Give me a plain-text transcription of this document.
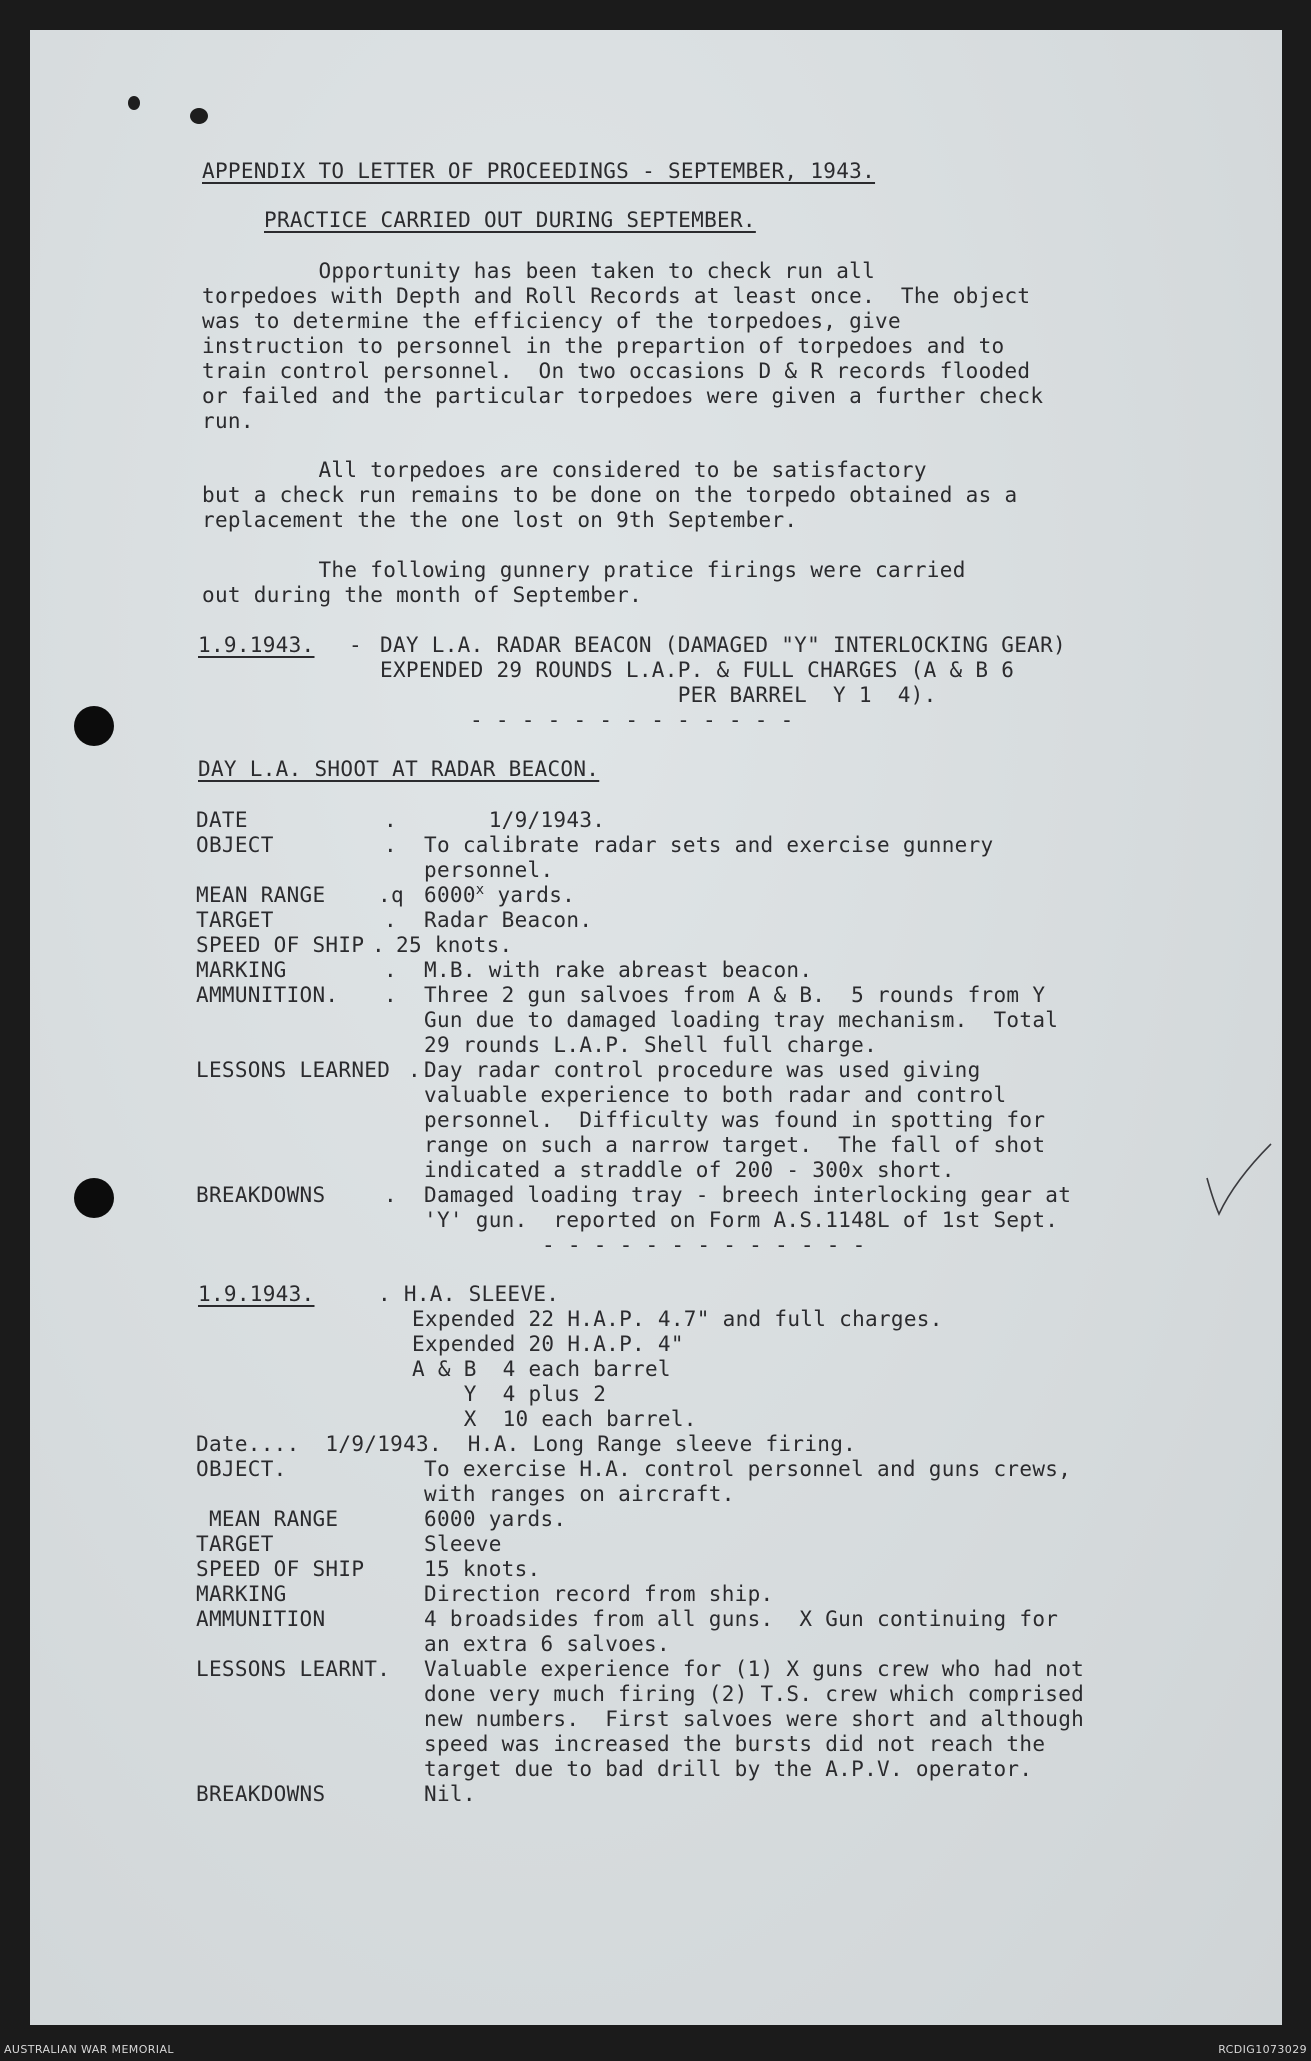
APPENDIX TO LETTER OF PROCEEDINGS - SEPTEMBER, 1943.
PRACTICE CARRIED OUT DURING SEPTEMBER.
Opportunity has been taken to check run all
torpedoes with Depth and Roll Records at least once.  The object
was to determine the efficiency of the torpedoes, give
instruction to personnel in the prepartion of torpedoes and to
train control personnel.  On two occasions D & R records flooded
or failed and the particular torpedoes were given a further check
run.
All torpedoes are considered to be satisfactory
but a check run remains to be done on the torpedo obtained as a
replacement the the one lost on 9th September.
The following gunnery pratice firings were carried
out during the month of September.
1.9.1943. - DAY L.A. RADAR BEACON (DAMAGED "Y" INTERLOCKING GEAR)
EXPENDED 29 ROUNDS L.A.P. & FULL CHARGES (A & B 6
PER BARREL  Y 1  4).
- - - - - - - - - - - - -
DAY L.A. SHOOT AT RADAR BEACON.
DATE	. 1/9/1943.
OBJECT	. To calibrate radar sets and exercise gunnery
personnel.
MEAN RANGE	.q 6000$^x$ yards.
TARGET	. Radar Beacon.
SPEED OF SHIP . 25 knots.
MARKING	. M.B. with rake abreast beacon.
AMMUNITION. . Three 2 gun salvoes from A & B.  5 rounds from Y
Gun due to damaged loading tray mechanism.  Total
29 rounds L.A.P. Shell full charge.
LESSONS LEARNED . Day radar control procedure was used giving
valuable experience to both radar and control
personnel.  Difficulty was found in spotting for
range on such a narrow target.  The fall of shot
indicated a straddle of 200 - 300x short.
BREAKDOWNS	. Damaged loading tray - breech interlocking gear at
'Y' gun.  reported on Form A.S.1148L of 1st Sept.
- - - - - - - - - - - - -
1.9.1943.	. H.A. SLEEVE.
Expended 22 H.A.P. 4.7" and full charges.
Expended 20 H.A.P. 4"
A & B  4 each barrel
Y  4 plus 2
X  10 each barrel.
Date....  1/9/1943.  H.A. Long Range sleeve firing.
OBJECT.	To exercise H.A. control personnel and guns crews,
with ranges on aircraft.
MEAN RANGE	6000 yards.
TARGET	Sleeve
SPEED OF SHIP	15 knots.
MARKING	Direction record from ship.
AMMUNITION	4 broadsides from all guns.  X Gun continuing for
an extra 6 salvoes.
LESSONS LEARNT. Valuable experience for (1) X guns crew who had not
done very much firing (2) T.S. crew which comprised
new numbers.  First salvoes were short and although
speed was increased the bursts did not reach the
target due to bad drill by the A.P.V. operator.
BREAKDOWNS	Nil.
AUSTRALIAN WAR MEMORIAL	RCDIG1073029
